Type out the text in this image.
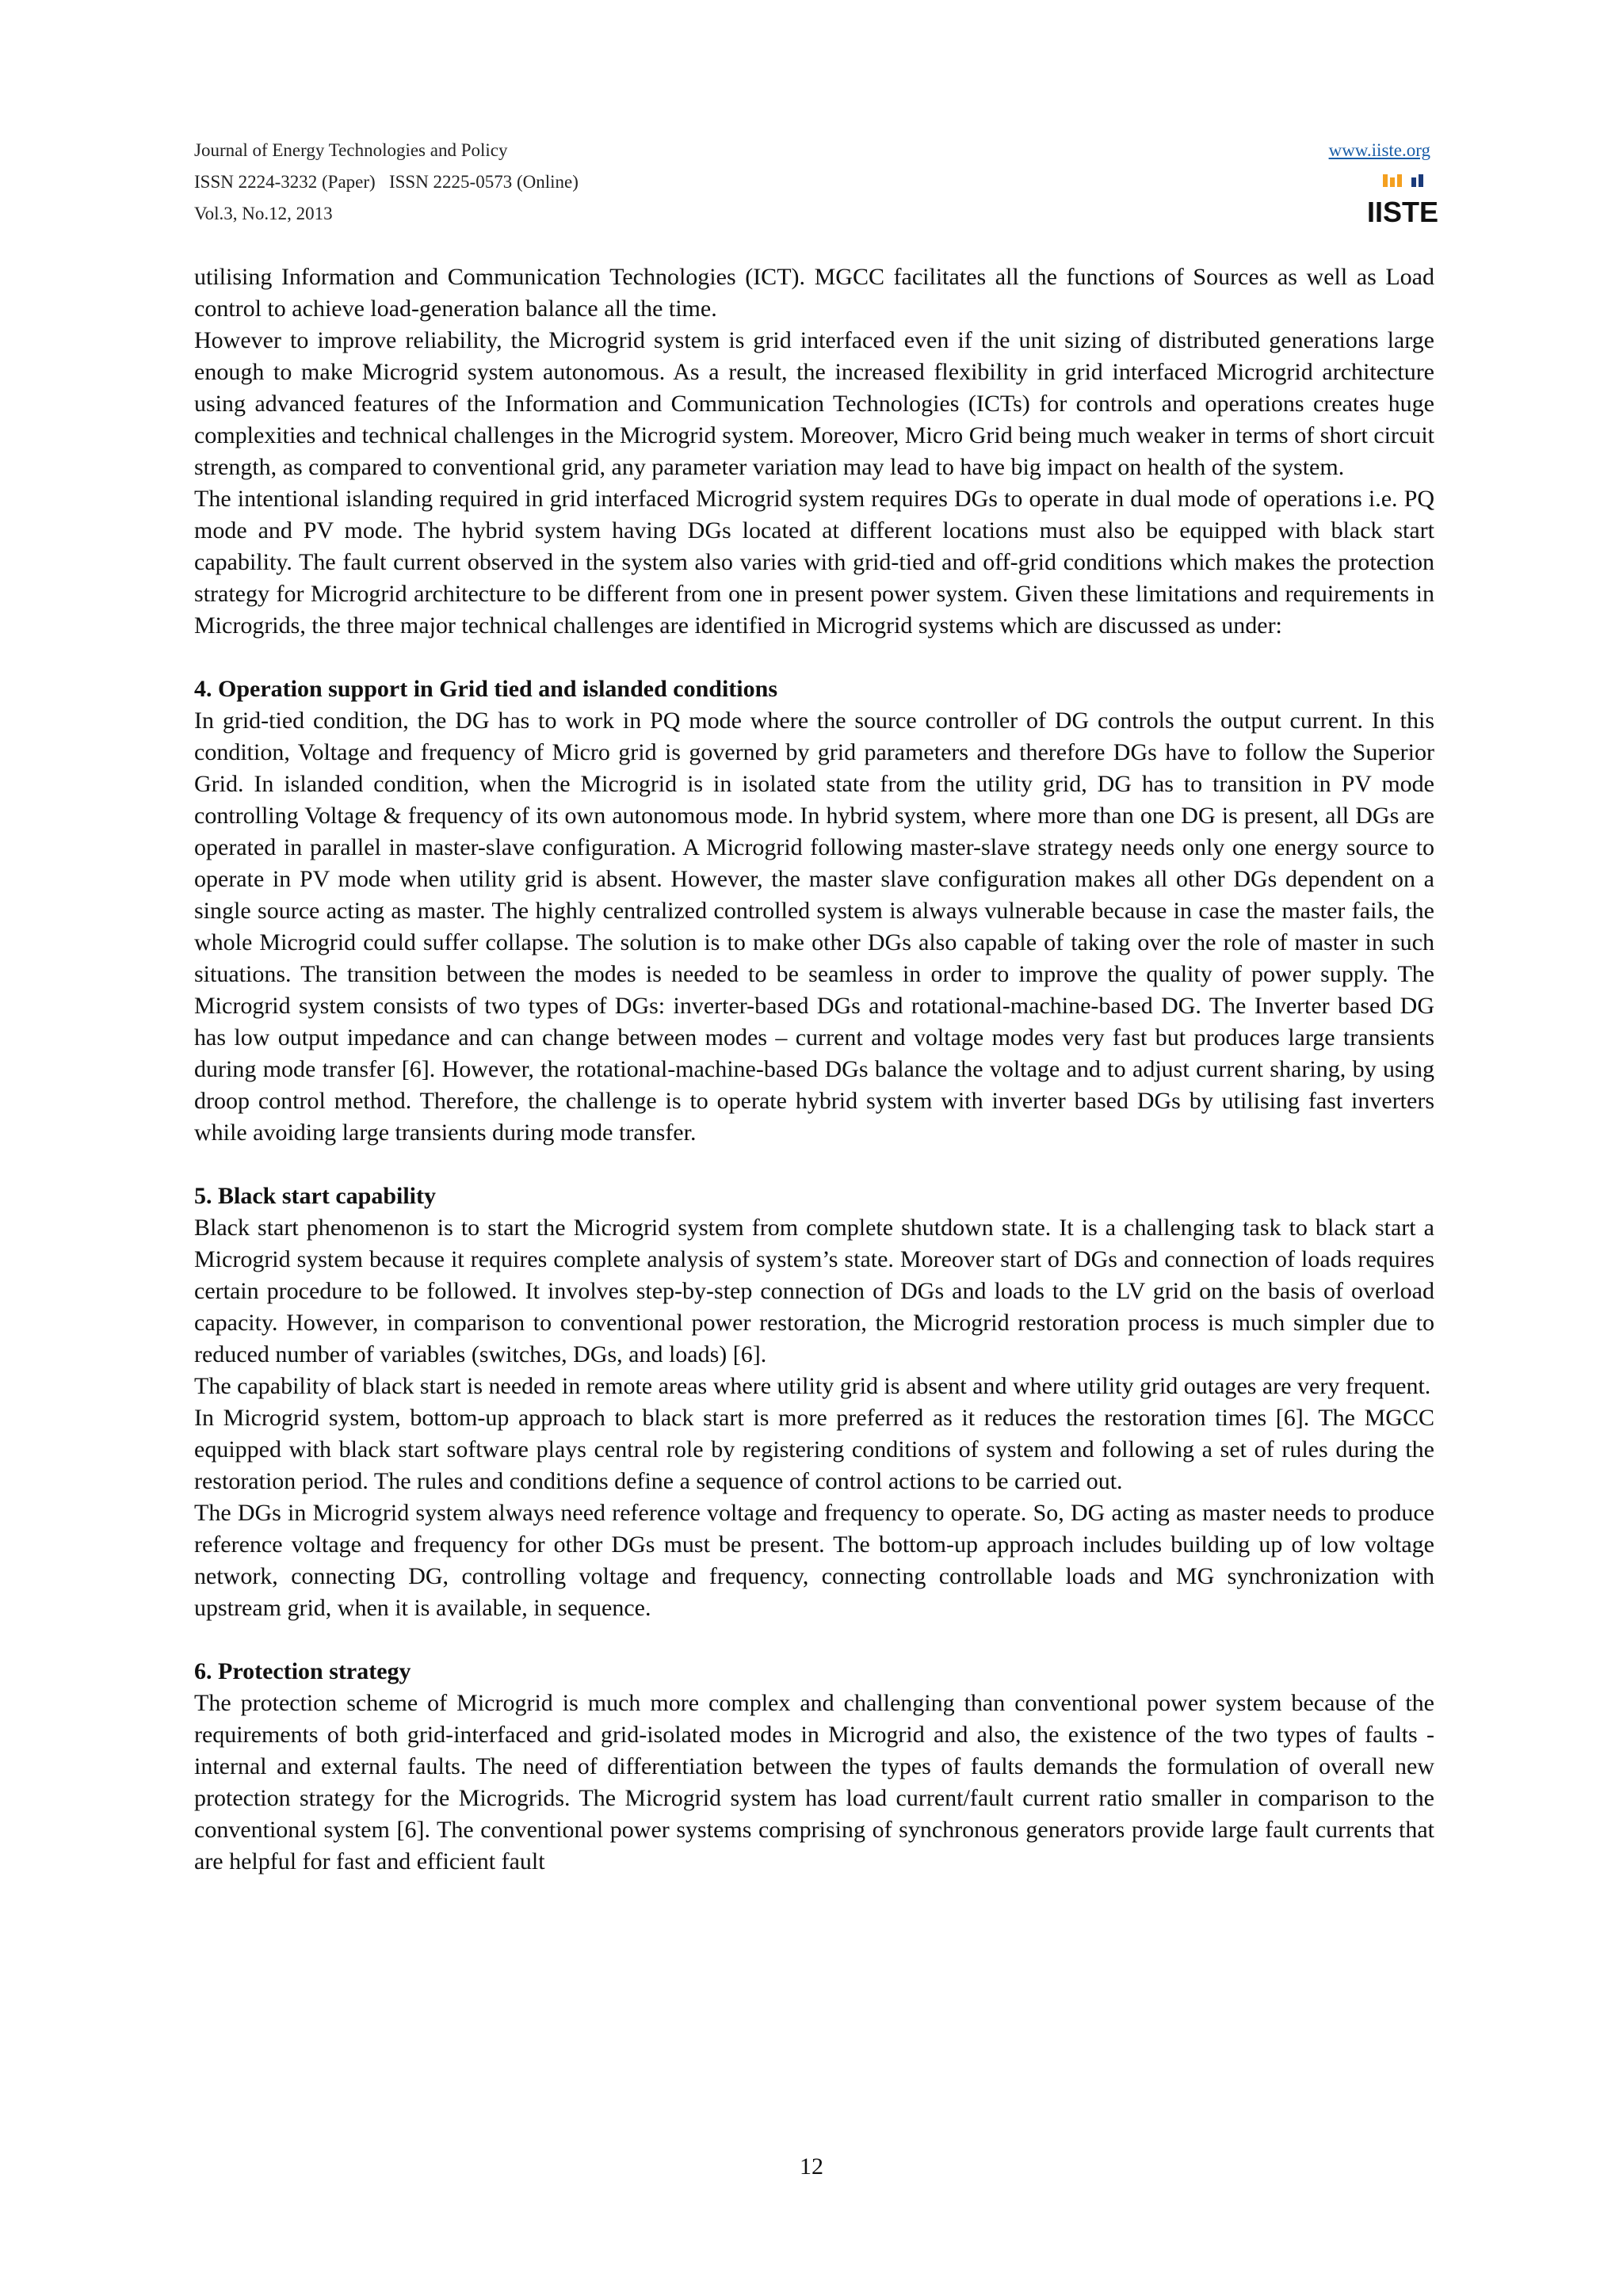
Journal of Energy Technologies and Policy
ISSN 2224-3232 (Paper)   ISSN 2225-0573 (Online)
Vol.3, No.12, 2013
www.iiste.org
IISTE

utilising Information and Communication Technologies (ICT). MGCC facilitates all the functions of Sources as well as Load control to achieve load-generation balance all the time.

However to improve reliability, the Microgrid system is grid interfaced even if the unit sizing of distributed generations large enough to make Microgrid system autonomous. As a result, the increased flexibility in grid interfaced Microgrid architecture using advanced features of the Information and Communication Technologies (ICTs) for controls and operations creates huge complexities and technical challenges in the Microgrid system. Moreover, Micro Grid being much weaker in terms of short circuit strength, as compared to conventional grid, any parameter variation may lead to have big impact on health of the system.

The intentional islanding required in grid interfaced Microgrid system requires DGs to operate in dual mode of operations i.e. PQ mode and PV mode. The hybrid system having DGs located at different locations must also be equipped with black start capability. The fault current observed in the system also varies with grid-tied and off-grid conditions which makes the protection strategy for Microgrid architecture to be different from one in present power system. Given these limitations and requirements in Microgrids, the three major technical challenges are identified in Microgrid systems which are discussed as under:

4. Operation support in Grid tied and islanded conditions

In grid-tied condition, the DG has to work in PQ mode where the source controller of DG controls the output current. In this condition, Voltage and frequency of Micro grid is governed by grid parameters and therefore DGs have to follow the Superior Grid. In islanded condition, when the Microgrid is in isolated state from the utility grid, DG has to transition in PV mode controlling Voltage & frequency of its own autonomous mode. In hybrid system, where more than one DG is present, all DGs are operated in parallel in master-slave configuration. A Microgrid following master-slave strategy needs only one energy source to operate in PV mode when utility grid is absent. However, the master slave configuration makes all other DGs dependent on a single source acting as master. The highly centralized controlled system is always vulnerable because in case the master fails, the whole Microgrid could suffer collapse. The solution is to make other DGs also capable of taking over the role of master in such situations. The transition between the modes is needed to be seamless in order to improve the quality of power supply. The Microgrid system consists of two types of DGs: inverter-based DGs and rotational-machine-based DG. The Inverter based DG has low output impedance and can change between modes – current and voltage modes very fast but produces large transients during mode transfer [6]. However, the rotational-machine-based DGs balance the voltage and to adjust current sharing, by using droop control method. Therefore, the challenge is to operate hybrid system with inverter based DGs by utilising fast inverters while avoiding large transients during mode transfer.

5. Black start capability

Black start phenomenon is to start the Microgrid system from complete shutdown state. It is a challenging task to black start a Microgrid system because it requires complete analysis of system’s state. Moreover start of DGs and connection of loads requires certain procedure to be followed. It involves step-by-step connection of DGs and loads to the LV grid on the basis of overload capacity. However, in comparison to conventional power restoration, the Microgrid restoration process is much simpler due to reduced number of variables (switches, DGs, and loads) [6].

The capability of black start is needed in remote areas where utility grid is absent and where utility grid outages are very frequent.

In Microgrid system, bottom-up approach to black start is more preferred as it reduces the restoration times [6]. The MGCC equipped with black start software plays central role by registering conditions of system and following a set of rules during the restoration period. The rules and conditions define a sequence of control actions to be carried out.

The DGs in Microgrid system always need reference voltage and frequency to operate. So, DG acting as master needs to produce reference voltage and frequency for other DGs must be present. The bottom-up approach includes building up of low voltage network, connecting DG, controlling voltage and frequency, connecting controllable loads and MG synchronization with upstream grid, when it is available, in sequence.

6. Protection strategy

The protection scheme of Microgrid is much more complex and challenging than conventional power system because of the requirements of both grid-interfaced and grid-isolated modes in Microgrid and also, the existence of the two types of faults - internal and external faults. The need of differentiation between the types of faults demands the formulation of overall new protection strategy for the Microgrids. The Microgrid system has load current/fault current ratio smaller in comparison to the conventional system [6]. The conventional power systems comprising of synchronous generators provide large fault currents that are helpful for fast and efficient fault

12
